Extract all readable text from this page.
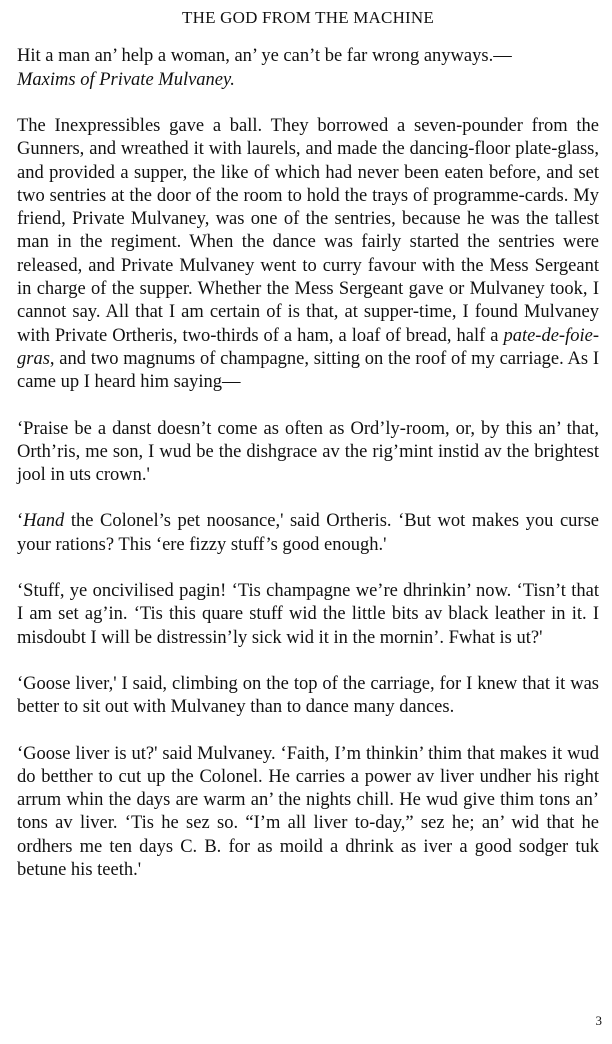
THE GOD FROM THE MACHINE
Hit a man an’ help a woman, an’ ye can’t be far wrong anyways.—
Maxims of Private Mulvaney.

The Inexpressibles gave a ball. They borrowed a seven-pounder from the Gunners, and wreathed it with laurels, and made the dancing-floor plate-glass, and provided a supper, the like of which had never been eaten before, and set two sentries at the door of the room to hold the trays of programme-cards. My friend, Private Mulvaney, was one of the sentries, because he was the tallest man in the regiment. When the dance was fairly started the sentries were released, and Private Mulvaney went to curry favour with the Mess Sergeant in charge of the supper. Whether the Mess Sergeant gave or Mulvaney took, I cannot say. All that I am certain of is that, at supper-time, I found Mulvaney with Private Ortheris, two-thirds of a ham, a loaf of bread, half a pate-de-foie-gras, and two magnums of champagne, sitting on the roof of my carriage. As I came up I heard him saying—

‘Praise be a danst doesn’t come as often as Ord’ly-room, or, by this an’ that, Orth’ris, me son, I wud be the dishgrace av the rig’mint instid av the brightest jool in uts crown.'

‘Hand the Colonel’s pet noosance,' said Ortheris. ‘But wot makes you curse your rations? This ‘ere fizzy stuff’s good enough.'

‘Stuff, ye oncivilised pagin! ‘Tis champagne we’re dhrinkin’ now. ‘Tisn’t that I am set ag’in. ‘Tis this quare stuff wid the little bits av black leather in it. I misdoubt I will be distressin’ly sick wid it in the mornin’. Fwhat is ut?'

‘Goose liver,' I said, climbing on the top of the carriage, for I knew that it was better to sit out with Mulvaney than to dance many dances.

‘Goose liver is ut?' said Mulvaney. ‘Faith, I’m thinkin’ thim that makes it wud do betther to cut up the Colonel. He carries a power av liver undher his right arrum whin the days are warm an’ the nights chill. He wud give thim tons an’ tons av liver. ‘Tis he sez so. “I’m all liver to-day,” sez he; an’ wid that he ordhers me ten days C. B. for as moild a dhrink as iver a good sodger tuk betune his teeth.'

3
